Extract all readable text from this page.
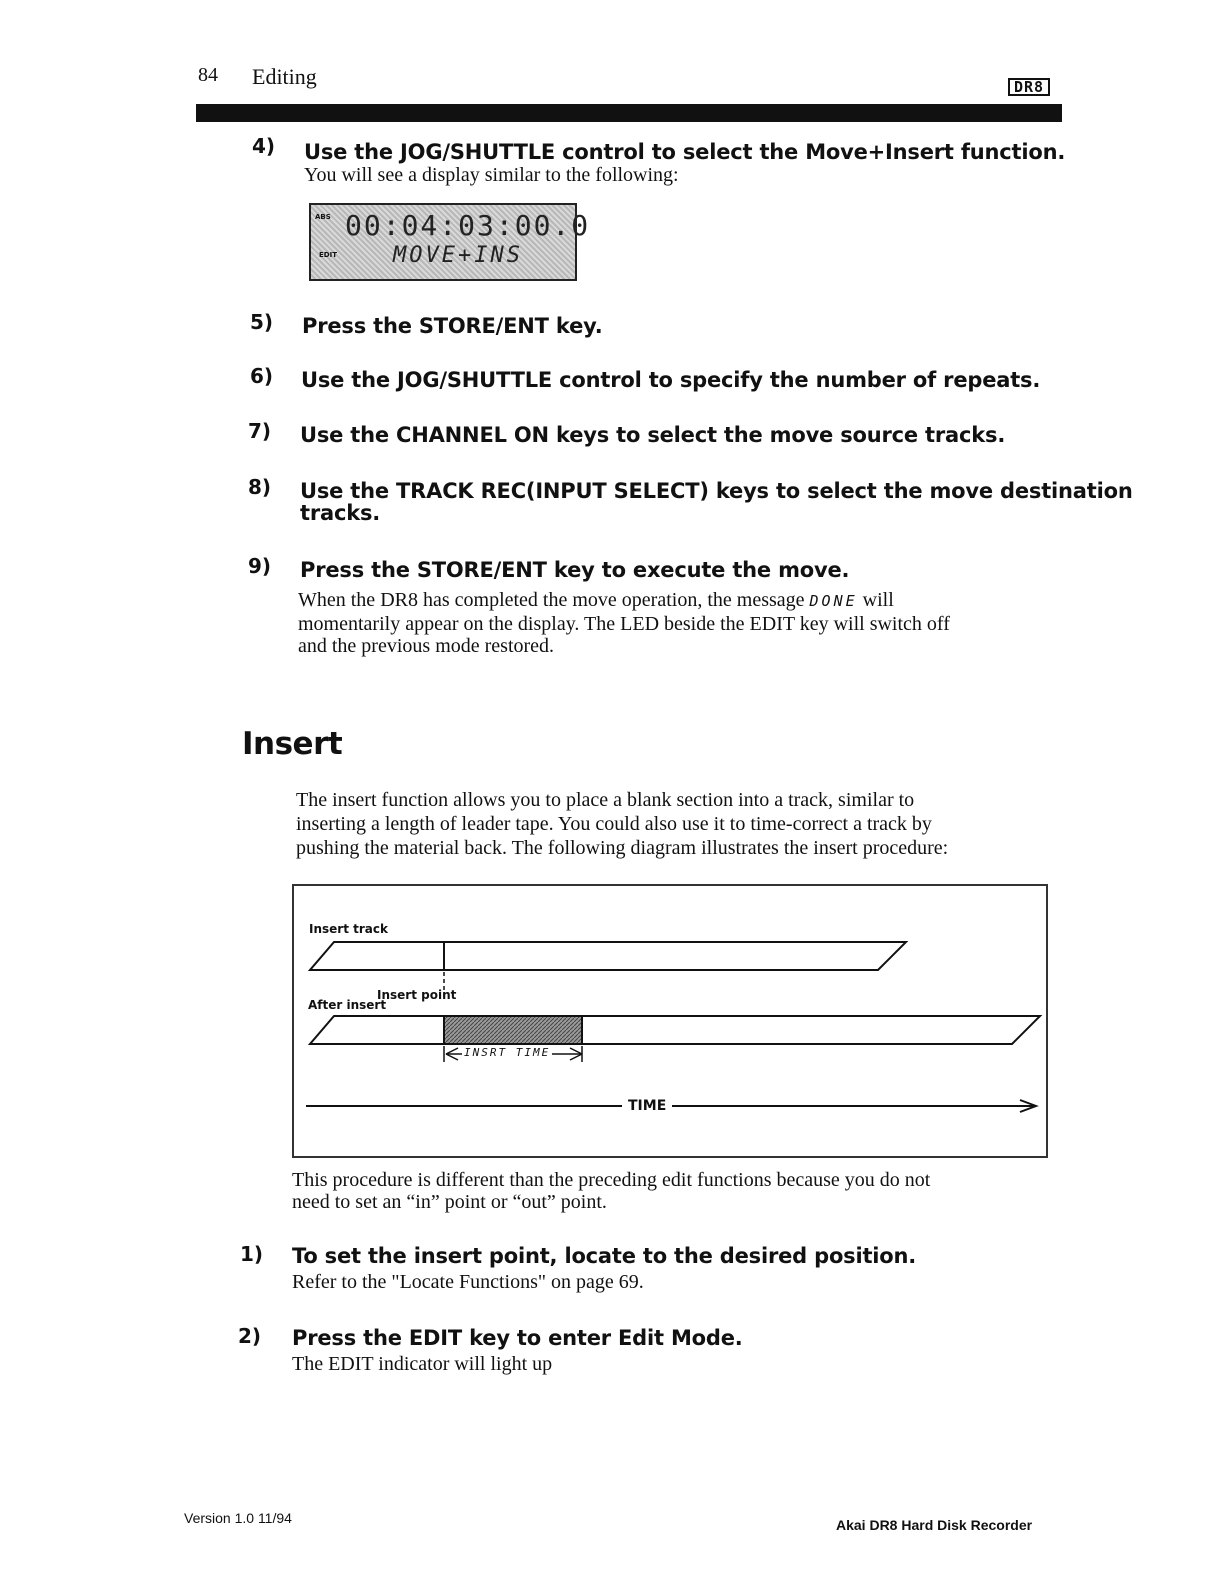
84 Editing	DR8
4) Use the JOG/SHUTTLE control to select the Move+Insert function.
You will see a display similar to the following:
ABS
EDIT
00:04:03:00.0
MOVE+INS
5) Press the STORE/ENT key.
6) Use the JOG/SHUTTLE control to specify the number of repeats.
7) Use the CHANNEL ON keys to select the move source tracks.
8) Use the TRACK REC(INPUT SELECT) keys to select the move destination
tracks.
9) Press the STORE/ENT key to execute the move.
When the DR8 has completed the move operation, the message DONE will
momentarily appear on the display. The LED beside the EDIT key will switch off
and the previous mode restored.
Insert
The insert function allows you to place a blank section into a track, similar to
inserting a length of leader tape. You could also use it to time-correct a track by
pushing the material back. The following diagram illustrates the insert procedure:
Insert track
After insert
Insert point
INSRT TIME
TIME
This procedure is different than the preceding edit functions because you do not
need to set an “in” point or “out” point.
1) To set the insert point, locate to the desired position.
Refer to the "Locate Functions" on page 69.
2) Press the EDIT key to enter Edit Mode.
The EDIT indicator will light up
Version 1.0 11/94	Akai DR8 Hard Disk Recorder
